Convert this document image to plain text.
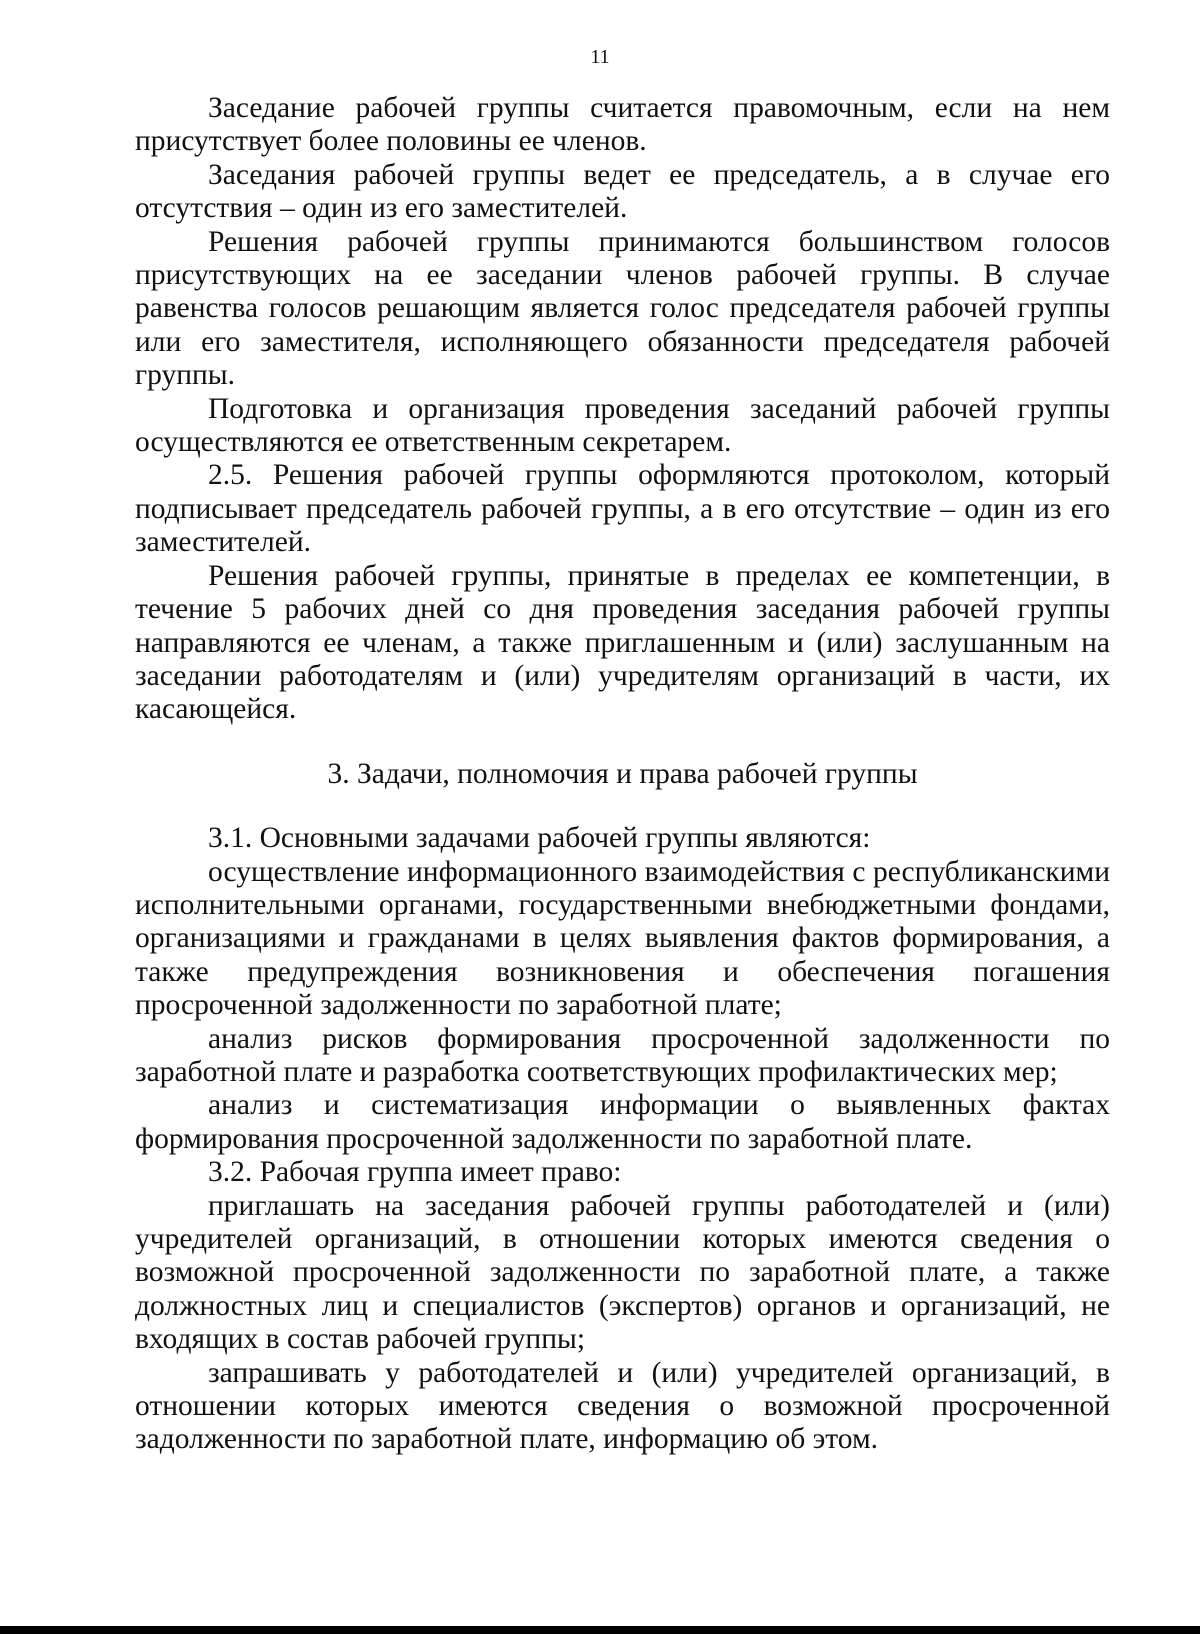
11

Заседание рабочей группы считается правомочным, если на нем присутствует более половины ее членов.

Заседания рабочей группы ведет ее председатель, а в случае его отсутствия – один из его заместителей.

Решения рабочей группы принимаются большинством голосов присутствующих на ее заседании членов рабочей группы. В случае равенства голосов решающим является голос председателя рабочей группы или его заместителя, исполняющего обязанности председателя рабочей группы.

Подготовка и организация проведения заседаний рабочей группы осуществляются ее ответственным секретарем.

2.5. Решения рабочей группы оформляются протоколом, который подписывает председатель рабочей группы, а в его отсутствие – один из его заместителей.

Решения рабочей группы, принятые в пределах ее компетенции, в течение 5 рабочих дней со дня проведения заседания рабочей группы направляются ее членам, а также приглашенным и (или) заслушанным на заседании работодателям и (или) учредителям организаций в части, их касающейся.

3. Задачи, полномочия и права рабочей группы

3.1. Основными задачами рабочей группы являются:

осуществление информационного взаимодействия с республиканскими исполнительными органами, государственными внебюджетными фондами, организациями и гражданами в целях выявления фактов формирования, а также предупреждения возникновения и обеспечения погашения просроченной задолженности по заработной плате;

анализ рисков формирования просроченной задолженности по заработной плате и разработка соответствующих профилактических мер;

анализ и систематизация информации о выявленных фактах формирования просроченной задолженности по заработной плате.

3.2. Рабочая группа имеет право:

приглашать на заседания рабочей группы работодателей и (или) учредителей организаций, в отношении которых имеются сведения о возможной просроченной задолженности по заработной плате, а также должностных лиц и специалистов (экспертов) органов и организаций, не входящих в состав рабочей группы;

запрашивать у работодателей и (или) учредителей организаций, в отношении которых имеются сведения о возможной просроченной задолженности по заработной плате, информацию об этом.
